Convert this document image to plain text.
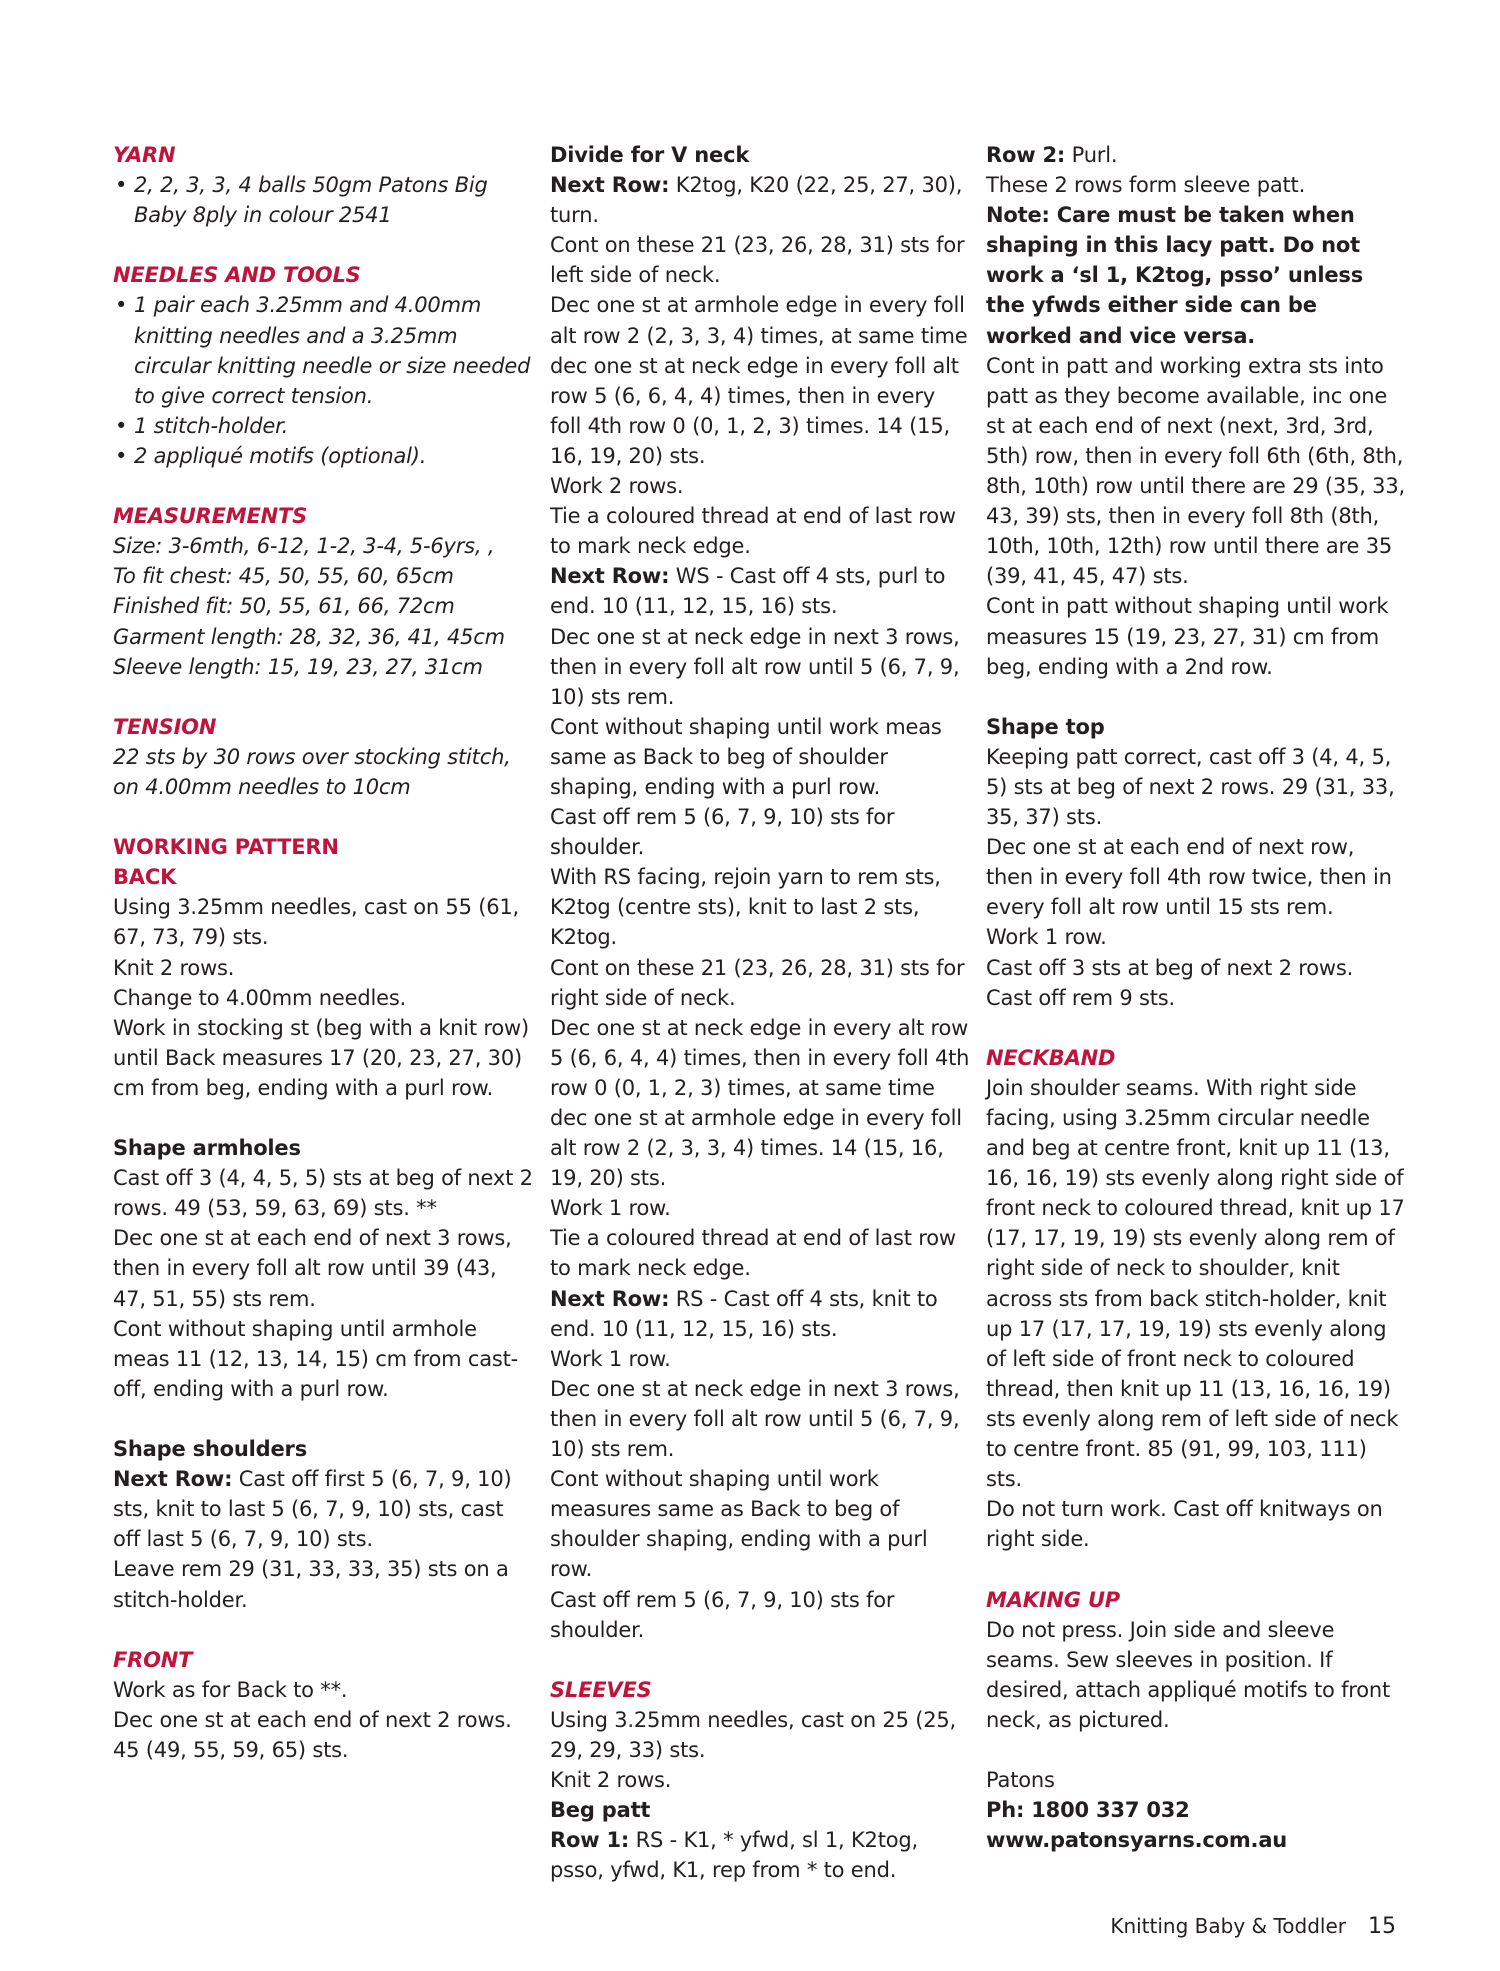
YARN

• 2, 2, 3, 3, 4 balls 50gm Patons Big Baby 8ply in colour 2541

NEEDLES AND TOOLS

• 1 pair each 3.25mm and 4.00mm knitting needles and a 3.25mm circular knitting needle or size needed to give correct tension.
• 1 stitch-holder.
• 2 appliqué motifs (optional).

MEASUREMENTS

Size: 3-6mth, 6-12, 1-2, 3-4, 5-6yrs, ,

To fit chest: 45, 50, 55, 60, 65cm

Finished fit: 50, 55, 61, 66, 72cm

Garment length: 28, 32, 36, 41, 45cm

Sleeve length: 15, 19, 23, 27, 31cm

TENSION

22 sts by 30 rows over stocking stitch, on 4.00mm needles to 10cm

WORKING PATTERN

BACK

Using 3.25mm needles, cast on 55 (61, 67, 73, 79) sts.

Knit 2 rows.

Change to 4.00mm needles.

Work in stocking st (beg with a knit row) until Back measures 17 (20, 23, 27, 30) cm from beg, ending with a purl row.

Shape armholes

Cast off 3 (4, 4, 5, 5) sts at beg of next 2 rows. 49 (53, 59, 63, 69) sts. **

Dec one st at each end of next 3 rows, then in every foll alt row until 39 (43, 47, 51, 55) sts rem.

Cont without shaping until armhole meas 11 (12, 13, 14, 15) cm from cast-off, ending with a purl row.

Shape shoulders

Next Row: Cast off first 5 (6, 7, 9, 10) sts, knit to last 5 (6, 7, 9, 10) sts, cast off last 5 (6, 7, 9, 10) sts.

Leave rem 29 (31, 33, 33, 35) sts on a stitch-holder.

FRONT

Work as for Back to **.

Dec one st at each end of next 2 rows. 45 (49, 55, 59, 65) sts.

Divide for V neck

Next Row: K2tog, K20 (22, 25, 27, 30), turn.

Cont on these 21 (23, 26, 28, 31) sts for left side of neck.

Dec one st at armhole edge in every foll alt row 2 (2, 3, 3, 4) times, at same time dec one st at neck edge in every foll alt row 5 (6, 6, 4, 4) times, then in every foll 4th row 0 (0, 1, 2, 3) times. 14 (15, 16, 19, 20) sts.

Work 2 rows.

Tie a coloured thread at end of last row to mark neck edge.

Next Row: WS - Cast off 4 sts, purl to end. 10 (11, 12, 15, 16) sts.

Dec one st at neck edge in next 3 rows, then in every foll alt row until 5 (6, 7, 9, 10) sts rem.

Cont without shaping until work meas same as Back to beg of shoulder shaping, ending with a purl row.

Cast off rem 5 (6, 7, 9, 10) sts for shoulder.

With RS facing, rejoin yarn to rem sts, K2tog (centre sts), knit to last 2 sts, K2tog.

Cont on these 21 (23, 26, 28, 31) sts for right side of neck.

Dec one st at neck edge in every alt row 5 (6, 6, 4, 4) times, then in every foll 4th row 0 (0, 1, 2, 3) times, at same time dec one st at armhole edge in every foll alt row 2 (2, 3, 3, 4) times. 14 (15, 16, 19, 20) sts.

Work 1 row.

Tie a coloured thread at end of last row to mark neck edge.

Next Row: RS - Cast off 4 sts, knit to end. 10 (11, 12, 15, 16) sts.

Work 1 row.

Dec one st at neck edge in next 3 rows, then in every foll alt row until 5 (6, 7, 9, 10) sts rem.

Cont without shaping until work measures same as Back to beg of shoulder shaping, ending with a purl row.

Cast off rem 5 (6, 7, 9, 10) sts for shoulder.

SLEEVES

Using 3.25mm needles, cast on 25 (25, 29, 29, 33) sts.

Knit 2 rows.

Beg patt

Row 1: RS - K1, * yfwd, sl 1, K2tog, psso, yfwd, K1, rep from * to end.

Row 2: Purl.

These 2 rows form sleeve patt.

Note: Care must be taken when shaping in this lacy patt. Do not work a ‘sl 1, K2tog, psso’ unless the yfwds either side can be worked and vice versa.

Cont in patt and working extra sts into patt as they become available, inc one st at each end of next (next, 3rd, 3rd, 5th) row, then in every foll 6th (6th, 8th, 8th, 10th) row until there are 29 (35, 33, 43, 39) sts, then in every foll 8th (8th, 10th, 10th, 12th) row until there are 35 (39, 41, 45, 47) sts.

Cont in patt without shaping until work measures 15 (19, 23, 27, 31) cm from beg, ending with a 2nd row.

Shape top

Keeping patt correct, cast off 3 (4, 4, 5, 5) sts at beg of next 2 rows. 29 (31, 33, 35, 37) sts.

Dec one st at each end of next row, then in every foll 4th row twice, then in every foll alt row until 15 sts rem.

Work 1 row.

Cast off 3 sts at beg of next 2 rows.

Cast off rem 9 sts.

NECKBAND

Join shoulder seams. With right side facing, using 3.25mm circular needle and beg at centre front, knit up 11 (13, 16, 16, 19) sts evenly along right side of front neck to coloured thread, knit up 17 (17, 17, 19, 19) sts evenly along rem of right side of neck to shoulder, knit across sts from back stitch-holder, knit up 17 (17, 17, 19, 19) sts evenly along of left side of front neck to coloured thread, then knit up 11 (13, 16, 16, 19) sts evenly along rem of left side of neck to centre front. 85 (91, 99, 103, 111) sts.

Do not turn work. Cast off knitways on right side.

MAKING UP

Do not press. Join side and sleeve seams. Sew sleeves in position. If desired, attach appliqué motifs to front neck, as pictured.

Patons

Ph: 1800 337 032

www.patonsyarns.com.au

Knitting Baby & Toddler 15
